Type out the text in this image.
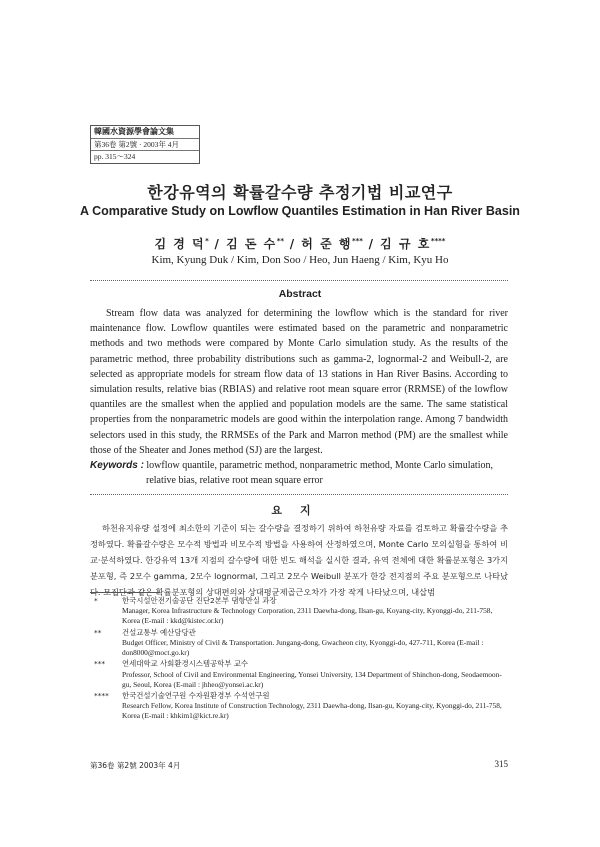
韓國水資源學會論文集
第36卷 第2號 · 2003年 4月
pp. 315～324
한강유역의 확률갈수량 추정기법 비교연구
A Comparative Study on Lowflow Quantiles Estimation in Han River Basin
김 경 덕* / 김 돈 수** / 허 준 행*** / 김 규 호****
Kim, Kyung Duk / Kim, Don Soo / Heo, Jun Haeng / Kim, Kyu Ho
Abstract

Stream flow data was analyzed for determining the lowflow which is the standard for river maintenance flow. Lowflow quantiles were estimated based on the parametric and nonparametric methods and two methods were compared by Monte Carlo simulation study. As the results of the parametric method, three probability distributions such as gamma-2, lognormal-2 and Weibull-2, are selected as appropriate models for stream flow data of 13 stations in Han River Basins. According to simulation results, relative bias (RBIAS) and relative root mean square error (RRMSE) of the lowflow quantiles are the smallest when the applied and population models are the same. The same statistical properties from the nonparametric models are good within the interpolation range. Among 7 bandwidth selectors used in this study, the RRMSEs of the Park and Marron method (PM) are the smallest while those of the Sheater and Jones method (SJ) are the largest.

Keywords : lowflow quantile, parametric method, nonparametric method, Monte Carlo simulation,
relative bias, relative root mean square error
요지

하천유지유량 설정에 최소한의 기준이 되는 갈수량을 결정하기 위하여 하천유량 자료를 검토하고 확률갈수량을 추정하였다. 확률갈수량은 모수적 방법과 비모수적 방법을 사용하여 산정하였으며, Monte Carlo 모의실험을 통하여 비교·분석하였다. 한강유역 13개 지점의 갈수량에 대한 빈도 해석을 실시한 결과, 유역 전체에 대한 확률분포형은 3가지 분포형, 즉 2모수 gamma, 2모수 lognormal, 그리고 2모수 Weibull 분포가 한강 전지점의 주요 분포형으로 나타났다. 모집단과 같은 확률분포형의 상대편의와 상대평균제곱근오차가 가장 작게 나타났으며, 내삽범

*	한국시설안전기술공단 진단2본부 댐항만실 과장
Manager, Korea Infrastructure & Technology Corporation, 2311 Daewha-dong, Ilsan-gu, Koyang-city, Kyonggi-do, 211-758, Korea (E-mail : kkd@kistec.or.kr)
**	건설교통부 예산담당관
Budget Officer, Ministry of Civil & Transportation. Jungang-dong, Gwacheon city, Kyonggi-do, 427-711, Korea (E-mail : don8000@moct.go.kr)
***	연세대학교 사회환경시스템공학부 교수
Professor, School of Civil and Environmental Engineering, Yonsei University, 134 Department of Shinchon-dong, Seodaemoon-gu, Seoul, Korea (E-mail : jhheo@yonsei.ac.kr)
****	한국건설기술연구원 수자원환경부 수석연구원
Research Fellow, Korea Institute of Construction Technology, 2311 Daewha-dong, Ilsan-gu, Koyang-city, Kyonggi-do, 211-758, Korea (E-mail : khkim1@kict.re.kr)
第36卷 第2號 2003年 4月	315
